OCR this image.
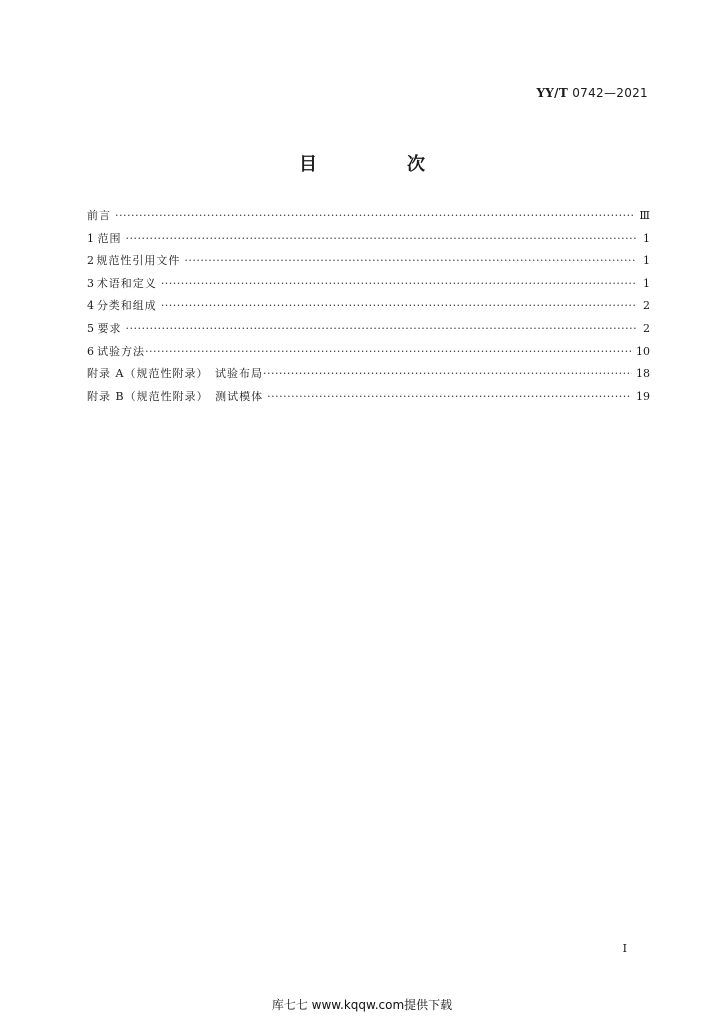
YY/T 0742—2021
目　次
前言 ·····	Ⅲ
1 范围 ·····	1
2 规范性引用文件 ·····	1
3 术语和定义 ·····	1
4 分类和组成 ·····	2
5 要求 ·····	2
6 试验方法 ·····	10
附录 A（规范性附录）　试验布局 ·····	18
附录 B（规范性附录）　测试模体 ·····	19
Ⅰ
库七七 www.kqqw.com提供下载
